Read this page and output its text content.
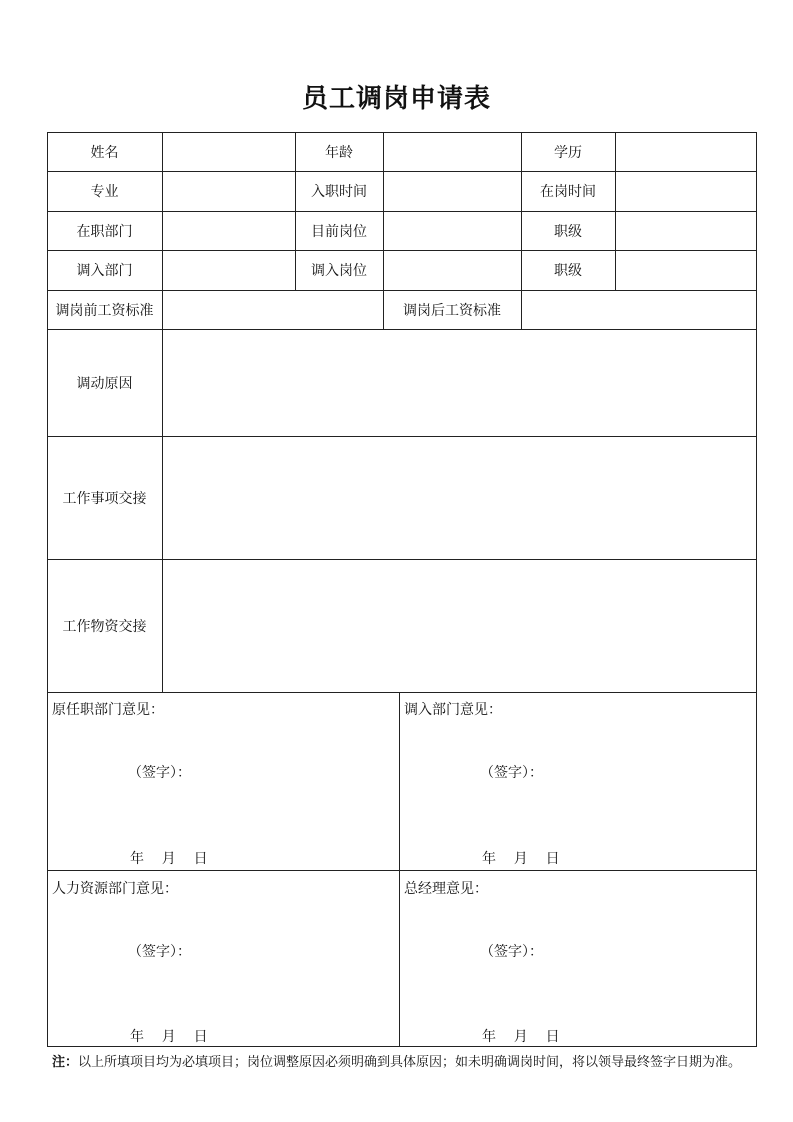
员工调岗申请表
姓名	年龄	学历
专业	入职时间	在岗时间
在职部门	目前岗位	职级
调入部门	调入岗位	职级
调岗前工资标准	调岗后工资标准
调动原因
工作事项交接
工作物资交接
原任职部门意见：
（签字）：
年    月    日
调入部门意见：
（签字）：
年    月    日
人力资源部门意见：
（签字）：
年    月    日
总经理意见：
（签字）：
年    月    日
注：以上所填项目均为必填项目；岗位调整原因必须明确到具体原因；如未明确调岗时间，将以领导最终签字日期为准。
